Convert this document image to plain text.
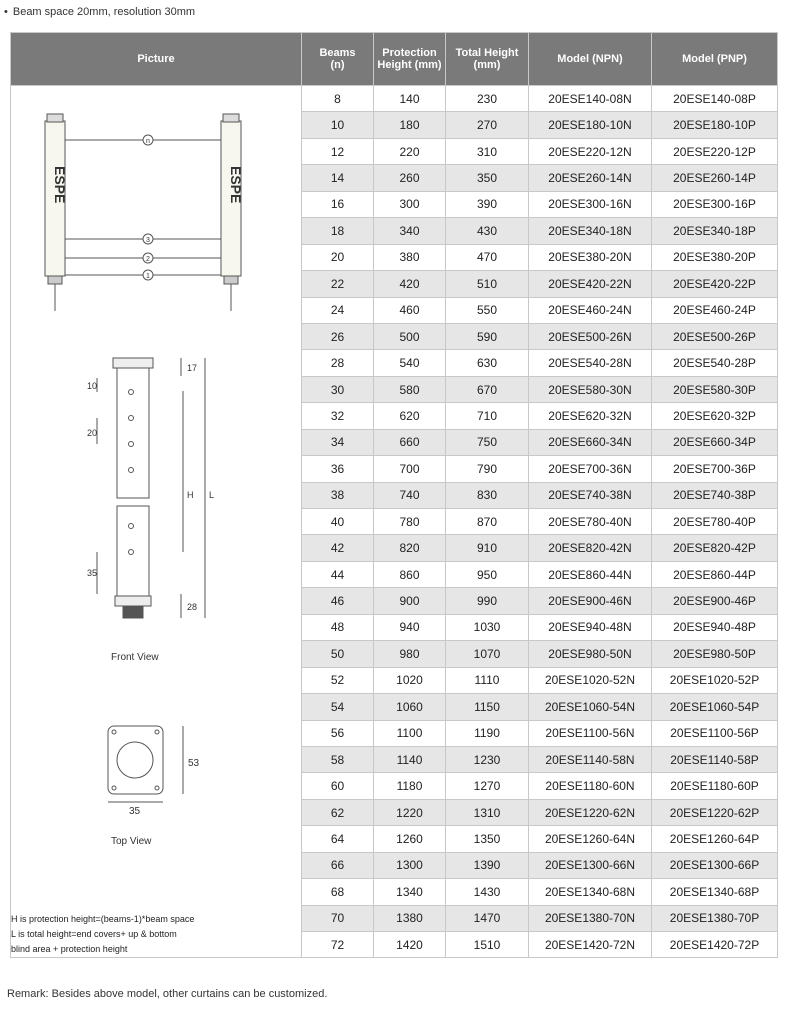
• Beam space 20mm, resolution 30mm
Picture	Beams (n)	Protection Height (mm)	Total Height (mm)	Model (NPN)	Model (PNP)
	8	140	230	20ESE140-08N	20ESE140-08P
	10	180	270	20ESE180-10N	20ESE180-10P
	12	220	310	20ESE220-12N	20ESE220-12P
	14	260	350	20ESE260-14N	20ESE260-14P
	16	300	390	20ESE300-16N	20ESE300-16P
	18	340	430	20ESE340-18N	20ESE340-18P
	20	380	470	20ESE380-20N	20ESE380-20P
	22	420	510	20ESE420-22N	20ESE420-22P
	24	460	550	20ESE460-24N	20ESE460-24P
	26	500	590	20ESE500-26N	20ESE500-26P
	28	540	630	20ESE540-28N	20ESE540-28P
	30	580	670	20ESE580-30N	20ESE580-30P
	32	620	710	20ESE620-32N	20ESE620-32P
	34	660	750	20ESE660-34N	20ESE660-34P
	36	700	790	20ESE700-36N	20ESE700-36P
	38	740	830	20ESE740-38N	20ESE740-38P
	40	780	870	20ESE780-40N	20ESE780-40P
	42	820	910	20ESE820-42N	20ESE820-42P
	44	860	950	20ESE860-44N	20ESE860-44P
	46	900	990	20ESE900-46N	20ESE900-46P
	48	940	1030	20ESE940-48N	20ESE940-48P
	50	980	1070	20ESE980-50N	20ESE980-50P
	52	1020	1110	20ESE1020-52N	20ESE1020-52P
	54	1060	1150	20ESE1060-54N	20ESE1060-54P
	56	1100	1190	20ESE1100-56N	20ESE1100-56P
	58	1140	1230	20ESE1140-58N	20ESE1140-58P
	60	1180	1270	20ESE1180-60N	20ESE1180-60P
	62	1220	1310	20ESE1220-62N	20ESE1220-62P
	64	1260	1350	20ESE1260-64N	20ESE1260-64P
	66	1300	1390	20ESE1300-66N	20ESE1300-66P
	68	1340	1430	20ESE1340-68N	20ESE1340-68P
	70	1380	1470	20ESE1380-70N	20ESE1380-70P
	72	1420	1510	20ESE1420-72N	20ESE1420-72P
ESPE	ESPE
n
3
2
1
17
10
20
H L
35
28
Front View
53
35
Top View
H is protection height=(beams-1)*beam space
L is total height=end covers+ up & bottom
blind area + protection height
Remark: Besides above model, other curtains can be customized.
